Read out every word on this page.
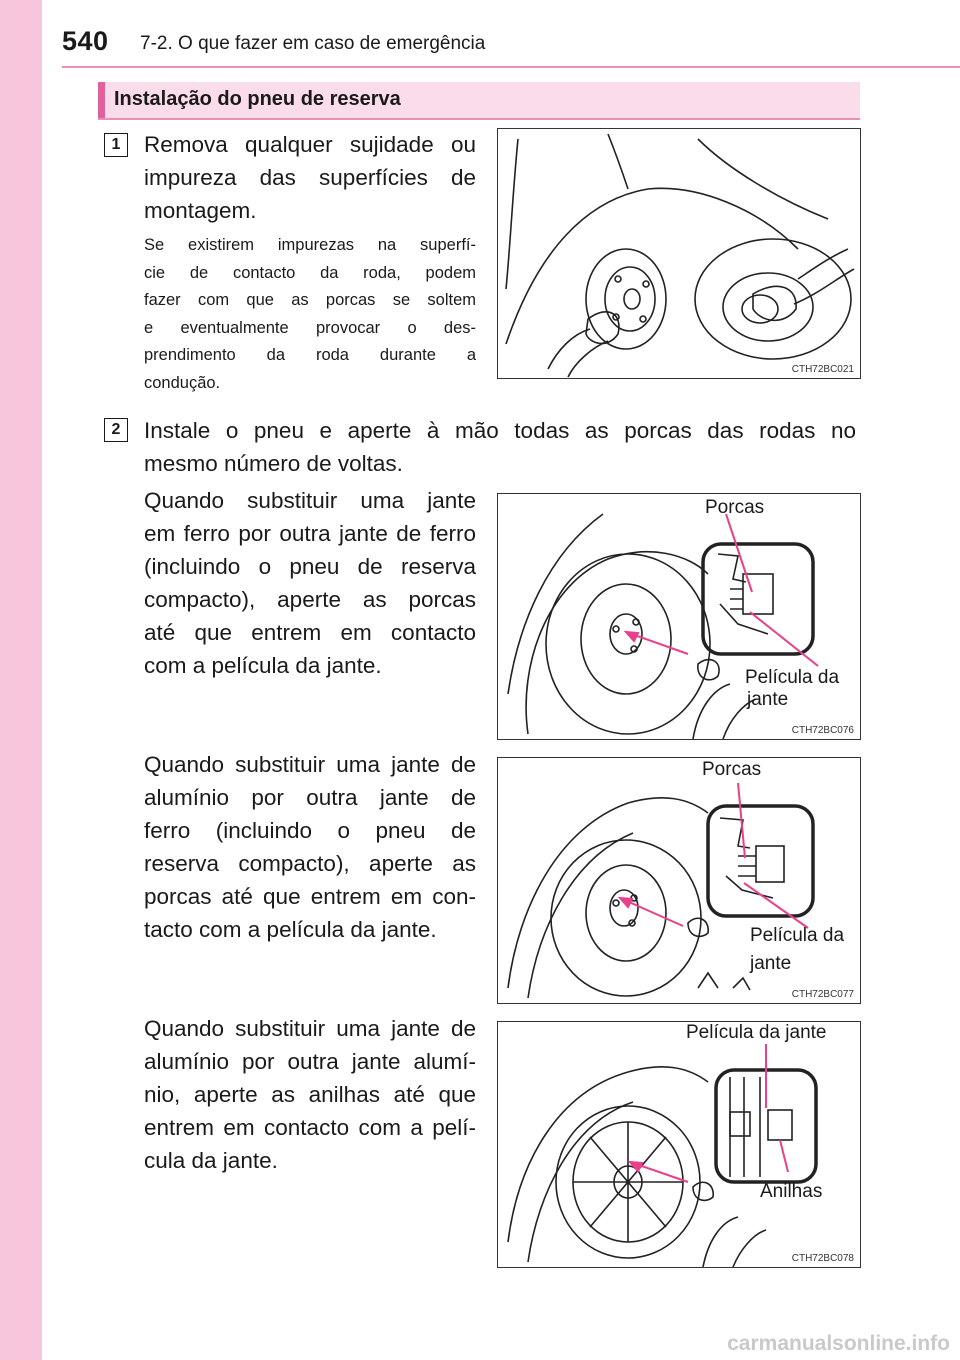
540 7-2. O que fazer em caso de emergência
Instalação do pneu de reserva
1	Remova qualquer sujidade ou
impureza das superfícies de
montagem.
Se existirem impurezas na superfí-
cie de contacto da roda, podem
fazer com que as porcas se soltem
e eventualmente provocar o des-
prendimento da roda durante a
condução.
CTH72BC021
2	Instale o pneu e aperte à mão todas as porcas das rodas no
mesmo número de voltas.
Quando substituir uma jante
em ferro por outra jante de ferro
(incluindo o pneu de reserva
compacto), aperte as porcas
até que entrem em contacto
com a película da jante.
Porcas
Película da
jante
CTH72BC076
Quando substituir uma jante de
alumínio por outra jante de
ferro (incluindo o pneu de
reserva compacto), aperte as
porcas até que entrem em con-
tacto com a película da jante.
Porcas
Película da
jante
CTH72BC077
Quando substituir uma jante de
alumínio por outra jante alumí-
nio, aperte as anilhas até que
entrem em contacto com a pelí-
cula da jante.
Película da jante
Anilhas
CTH72BC078
carmanualsonline.info
